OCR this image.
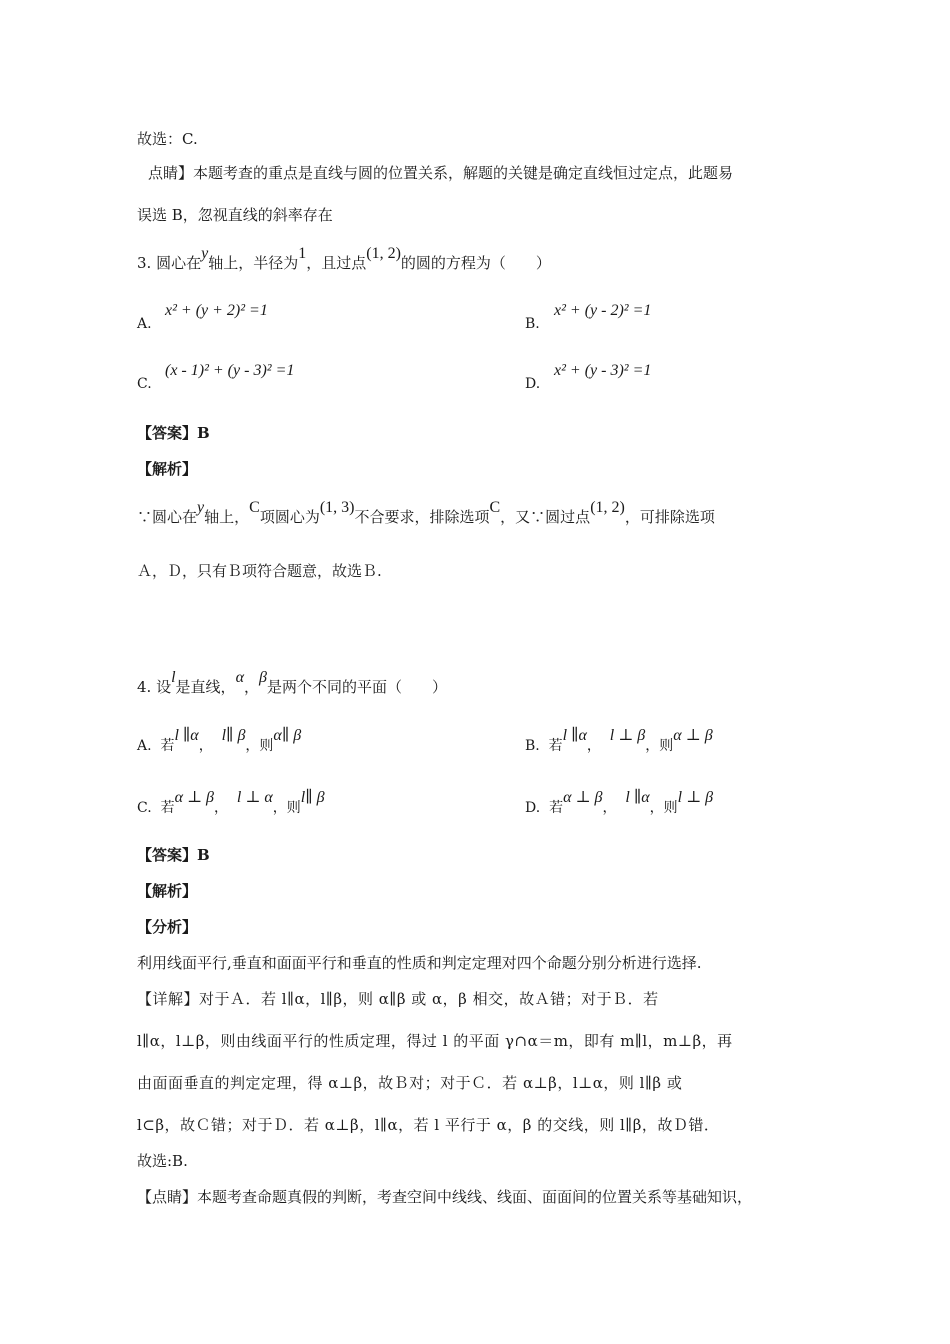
故选：C.
点睛】本题考查的重点是直线与圆的位置关系，解题的关键是确定直线恒过定点，此题易
误选 B，忽视直线的斜率存在
3. 圆心在y轴上，半径为1，且过点(1, 2)的圆的方程为（　　）
A.
x² + (y + 2)² =1
B.
x² + (y - 2)² =1
C.
(x - 1)² + (y - 3)² =1
D.
x² + (y - 3)² =1
【答案】B
【解析】
∵圆心在y轴上，C项圆心为(1, 3)不合要求，排除选项C，又∵圆过点(1, 2)，可排除选项
Ａ，Ｄ，只有Ｂ项符合题意，故选Ｂ.
4. 设l是直线，α，β是两个不同的平面（　　）
A. 若l ∥α，  l∥ β，则α∥ β
B. 若l ∥α，  l ⊥ β，则α ⊥ β
C. 若α ⊥ β，  l ⊥ α，则l∥ β
D. 若α ⊥ β，  l ∥α，则l ⊥ β
【答案】B
【解析】
【分析】
利用线面平行,垂直和面面平行和垂直的性质和判定定理对四个命题分别分析进行选择.
【详解】对于Ａ．若 l∥α，l∥β，则 α∥β 或 α，β 相交，故Ａ错；对于Ｂ．若
l∥α，l⊥β，则由线面平行的性质定理，得过 l 的平面 γ∩α＝m，即有 m∥l，m⊥β，再
由面面垂直的判定定理，得 α⊥β，故Ｂ对；对于Ｃ．若 α⊥β，l⊥α，则 l∥β 或
l⊂β，故Ｃ错；对于Ｄ．若 α⊥β，l∥α，若 l 平行于 α，β 的交线，则 l∥β，故Ｄ错．
故选:B.
【点睛】本题考查命题真假的判断，考查空间中线线、线面、面面间的位置关系等基础知识，
